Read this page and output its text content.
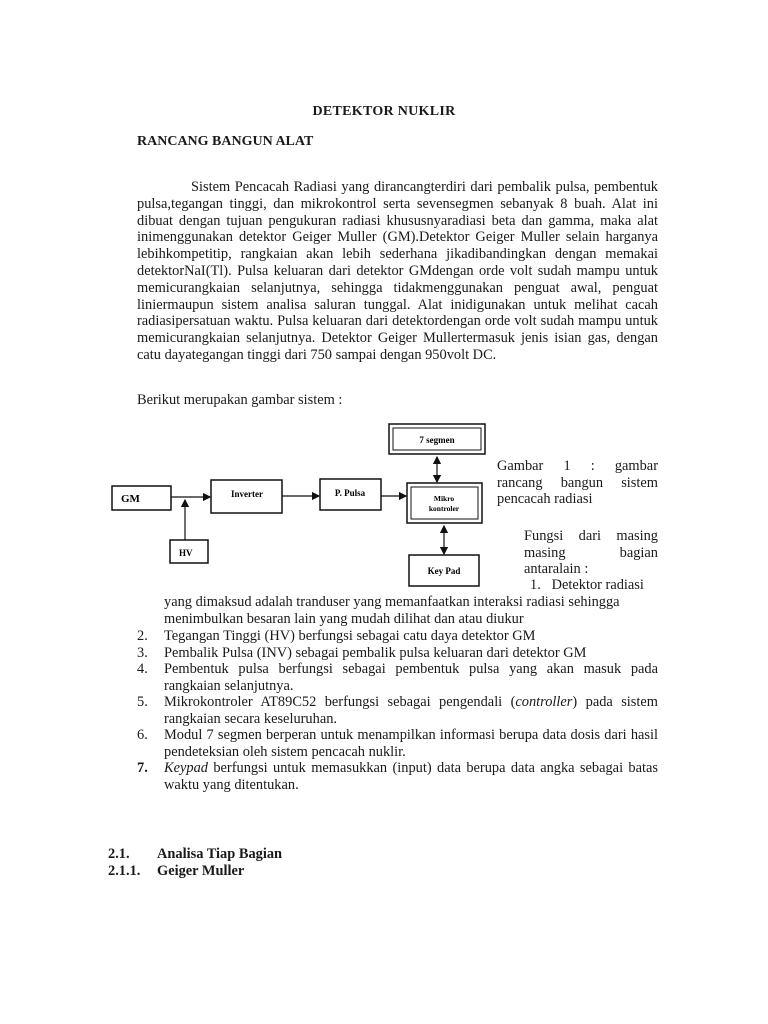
DETEKTOR NUKLIR
RANCANG BANGUN ALAT

Sistem Pencacah Radiasi yang dirancangterdiri dari pembalik pulsa, pembentuk pulsa,tegangan tinggi, dan mikrokontrol serta sevensegmen sebanyak 8 buah. Alat ini dibuat dengan tujuan pengukuran radiasi khususnyaradiasi beta dan gamma, maka alat inimenggunakan detektor Geiger Muller (GM).Detektor Geiger Muller selain harganya lebihkompetitip, rangkaian akan lebih sederhana jikadibandingkan dengan memakai detektorNaI(Tl). Pulsa keluaran dari detektor GMdengan orde volt sudah mampu untuk memicurangkaian selanjutnya, sehingga tidakmenggunakan penguat awal, penguat liniermaupun sistem analisa saluran tunggal. Alat inidigunakan untuk melihat cacah radiasipersatuan waktu. Pulsa keluaran dari detektordengan orde volt sudah mampu untuk memicurangkaian selanjutnya. Detektor Geiger Mullertermasuk jenis isian gas, dengan catu dayategangan tinggi dari 750 sampai dengan 950volt DC.

Berikut merupakan gambar sistem :
7 segmen
GM	Inverter	P. Pulsa
Mikro
kontroler
HV
Key Pad
Gambar 1 : gambar
rancang bangun sistem
pencacah radiasi
Fungsi dari masing
masing bagian
antaralain :
1. Detektor radiasi
yang dimaksud adalah tranduser yang memanfaatkan interaksi radiasi sehingga menimbulkan besaran lain yang mudah dilihat dan atau diukur
2.	Tegangan Tinggi (HV) berfungsi sebagai catu daya detektor GM
3.	Pembalik Pulsa (INV) sebagai pembalik pulsa keluaran dari detektor GM
4.	Pembentuk pulsa berfungsi sebagai pembentuk pulsa yang akan masuk pada rangkaian selanjutnya.
5.	Mikrokontroler AT89C52 berfungsi sebagai pengendali (controller) pada sistem rangkaian secara keseluruhan.
6.	Modul 7 segmen berperan untuk menampilkan informasi berupa data dosis dari hasil pendeteksian oleh sistem pencacah nuklir.
7.	Keypad berfungsi untuk memasukkan (input) data berupa data angka sebagai batas waktu yang ditentukan.
2.1. Analisa Tiap Bagian
2.1.1. Geiger Muller
